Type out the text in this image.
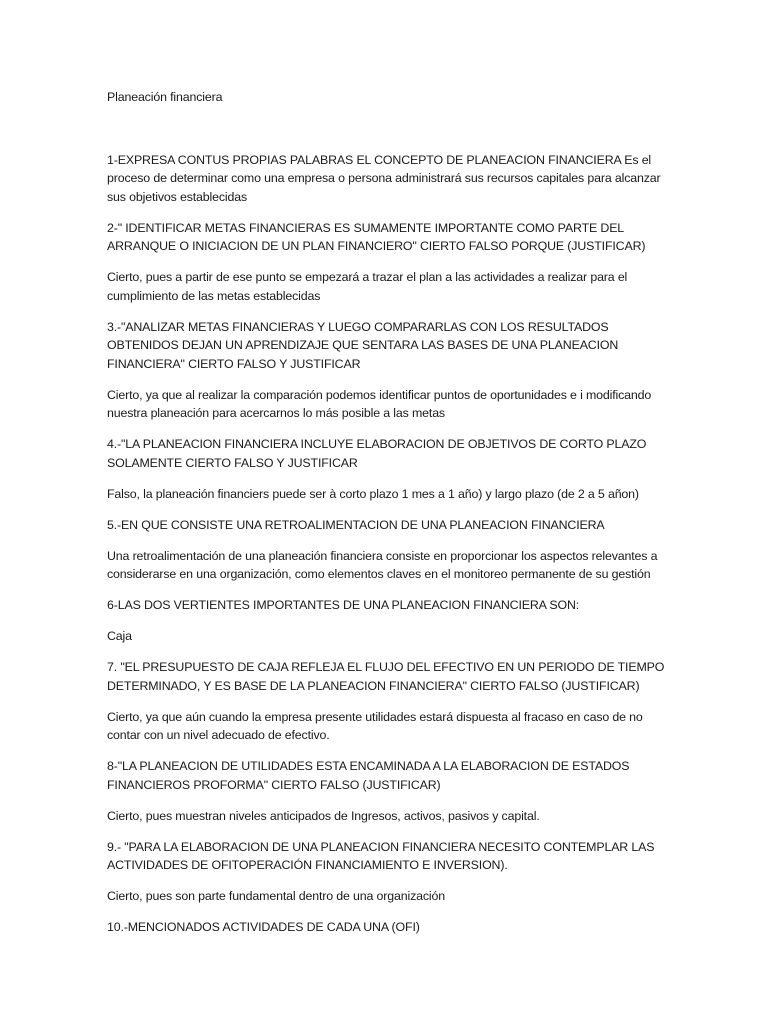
Planeación financiera

1-EXPRESA CONTUS PROPIAS PALABRAS EL CONCEPTO DE PLANEACION FINANCIERA Es el proceso de determinar como una empresa o persona administrará sus recursos capitales para alcanzar sus objetivos establecidas

2-" IDENTIFICAR METAS FINANCIERAS ES SUMAMENTE IMPORTANTE COMO PARTE DEL ARRANQUE O INICIACION DE UN PLAN FINANCIERO" CIERTO FALSO PORQUE (JUSTIFICAR)

Cierto, pues a partir de ese punto se empezará a trazar el plan a las actividades a realizar para el cumplimiento de las metas establecidas

3.-"ANALIZAR METAS FINANCIERAS Y LUEGO COMPARARLAS CON LOS RESULTADOS OBTENIDOS DEJAN UN APRENDIZAJE QUE SENTARA LAS BASES DE UNA PLANEACION FINANCIERA" CIERTO FALSO Y JUSTIFICAR

Cierto, ya que al realizar la comparación podemos identificar puntos de oportunidades e i modificando nuestra planeación para acercarnos lo más posible a las metas

4.-"LA PLANEACION FINANCIERA INCLUYE ELABORACION DE OBJETIVOS DE CORTO PLAZO SOLAMENTE CIERTO FALSO Y JUSTIFICAR

Falso, la planeación financiers puede ser à corto plazo 1 mes a 1 año) y largo plazo (de 2 a 5 añon)

5.-EN QUE CONSISTE UNA RETROALIMENTACION DE UNA PLANEACION FINANCIERA

Una retroalimentación de una planeación financiera consiste en proporcionar los aspectos relevantes a considerarse en una organización, como elementos claves en el monitoreo permanente de su gestión

6-LAS DOS VERTIENTES IMPORTANTES DE UNA PLANEACION FINANCIERA SON:

Caja

7. "EL PRESUPUESTO DE CAJA REFLEJA EL FLUJO DEL EFECTIVO EN UN PERIODO DE TIEMPO DETERMINADO, Y ES BASE DE LA PLANEACION FINANCIERA" CIERTO FALSO (JUSTIFICAR)

Cierto, ya que aún cuando la empresa presente utilidades estará dispuesta al fracaso en caso de no contar con un nivel adecuado de efectivo.

8-"LA PLANEACION DE UTILIDADES ESTA ENCAMINADA A LA ELABORACION DE ESTADOS FINANCIEROS PROFORMA" CIERTO FALSO (JUSTIFICAR)

Cierto, pues muestran niveles anticipados de Ingresos, activos, pasivos y capital.

9.- "PARA LA ELABORACION DE UNA PLANEACION FINANCIERA NECESITO CONTEMPLAR LAS ACTIVIDADES DE OFITOPERACIÓN FINANCIAMIENTO E INVERSION).

Cierto, pues son parte fundamental dentro de una organización

10.-MENCIONADOS ACTIVIDADES DE CADA UNA (OFI)
